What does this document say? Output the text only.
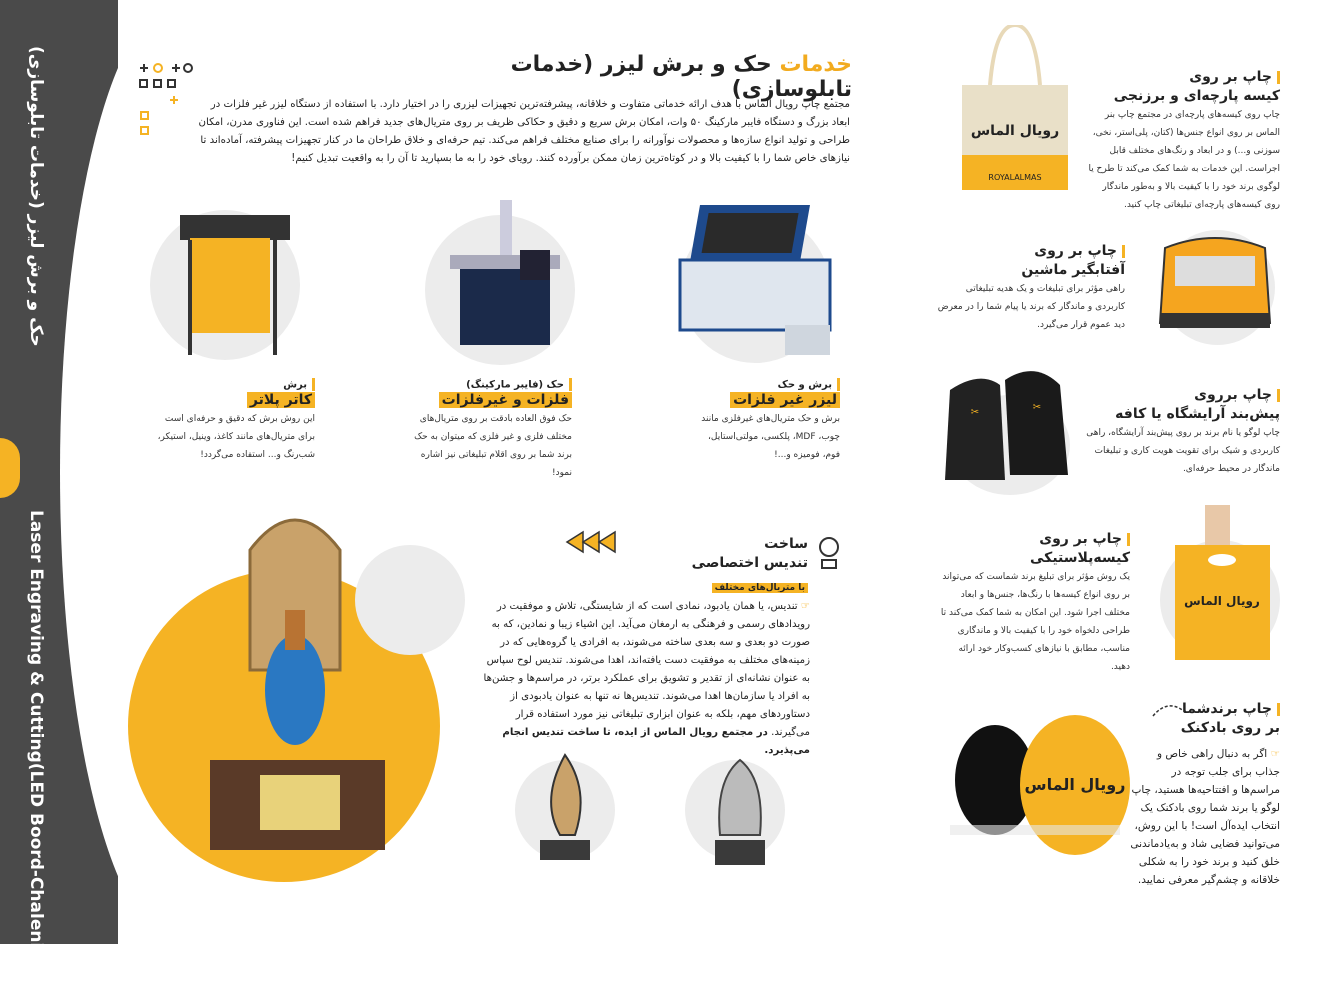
Laser Engraving & Cutting(LED Boord-Chaleniom)
حک و برش لیزر (خدمات تابلوسازی)	خدمات حک و برش لیزر (خدمات تابلوسازی)
مجتمع چاپ رویال الماس با هدف ارائه خدماتی متفاوت و خلاقانه، پیشرفته‌ترین تجهیزات لیزری را در اختیار دارد. با استفاده از دستگاه لیزر غیر فلزات در ابعاد بزرگ و دستگاه فایبر مارکینگ ۵۰ وات، امکان برش سریع و دقیق و حکاکی ظریف بر روی متریال‌های جدید فراهم شده است. این فناوری مدرن، امکان طراحی و تولید انواع سازه‌ها و محصولات نوآورانه را برای صنایع مختلف فراهم می‌کند. تیم حرفه‌ای و خلاق طراحان ما در کنار تجهیزات پیشرفته، آماده‌اند تا نیازهای خاص شما را با کیفیت بالا و در کوتاه‌ترین زمان ممکن برآورده کنند. رویای خود را به ما بسپارید تا آن را به واقعیت تبدیل کنیم!
برش و حک
لیزر غیر فلزات
برش و حک متریال‌های غیرفلزی مانند چوب، MDF، پلکسی، مولتی‌استایل، فوم، فومیزه و...!
حک (فایبر مارکینگ)
فلزات و غیرفلزات
حک فوق العاده بادقت بر روی متریال‌های مختلف فلزی و غیر فلزی که میتوان به حک برند شما بر روی اقلام تبلیغاتی نیز اشاره نمود!
برش
کاتر پلاتر
این روش برش که دقیق و حرفه‌ای است برای متریال‌های مانند کاغذ، وینیل، استیکر، شب‌رنگ و... استفاده می‌گردد!
ساخت
تندیس اختصاصی
با متریال‌های مختلف
☞ تندیس، یا همان یادبود، نمادی است که از شایستگی، تلاش و موفقیت در رویدادهای رسمی و فرهنگی به ارمغان می‌آید. این اشیاء زیبا و نمادین، که به صورت دو بعدی و سه بعدی ساخته می‌شوند، به افرادی یا گروه‌هایی که در زمینه‌های مختلف به موفقیت دست یافته‌اند، اهدا می‌شوند. تندیس لوح سپاس به عنوان نشانه‌ای از تقدیر و تشویق برای عملکرد برتر، در مراسم‌ها و جشن‌ها به افراد یا سازمان‌ها اهدا می‌شوند. تندیس‌ها نه تنها به عنوان یادبودی از دستاوردهای مهم، بلکه به عنوان ابزاری تبلیغاتی نیز مورد استفاده قرار می‌گیرند. در مجتمع رویال الماس از ایده، تا ساخت تندیس انجام می‌پذیرد.
رویال الماس
ROYALALMAS
چاپ بر روی
کیسه پارچه‌ای و برزنجی
چاپ روی کیسه‌های پارچه‌ای در مجتمع چاپ بنر الماس بر روی انواع جنس‌ها (کتان، پلی‌استر، نخی، سوزنی و...) و در ابعاد و رنگ‌های مختلف قابل اجراست. این خدمات به شما کمک می‌کند تا طرح یا لوگوی برند خود را با کیفیت بالا و به‌طور ماندگار روی کیسه‌های پارچه‌ای تبلیغاتی چاپ کنید.
چاپ بر روی
آفتابگیر ماشین
راهی مؤثر برای تبلیغات و یک هدیه تبلیغاتی کاربردی و ماندگار که برند یا پیام شما را در معرض دید عموم قرار می‌گیرد.
✂	✂
چاپ برروی
پیش‌بند آرایشگاه یا کافه
چاپ لوگو یا نام برند بر روی پیش‌بند آرایشگاه، راهی کاربردی و شیک برای تقویت هویت کاری و تبلیغات ماندگار در محیط حرفه‌ای.
رویال الماس
چاپ بر روی
کیسه‌پلاستیکی
یک روش مؤثر برای تبلیغ برند شماست که می‌تواند بر روی انواع کیسه‌ها با رنگ‌ها، جنس‌ها و ابعاد مختلف اجرا شود. این امکان به شما کمک می‌کند تا طراحی دلخواه خود را با کیفیت بالا و ماندگاری مناسب، مطابق با نیازهای کسب‌وکار خود ارائه دهید.
رویال الماس
چاپ برندشما
بر روی بادکنک
☞ اگر به دنبال راهی خاص و جذاب برای جلب توجه در مراسم‌ها و افتتاحیه‌ها هستید، چاپ لوگو یا برند شما روی بادکنک یک انتخاب ایده‌آل است! با این روش، می‌توانید فضایی شاد و به‌یادماندنی خلق کنید و برند خود را به شکلی خلاقانه و چشم‌گیر معرفی نمایید.
